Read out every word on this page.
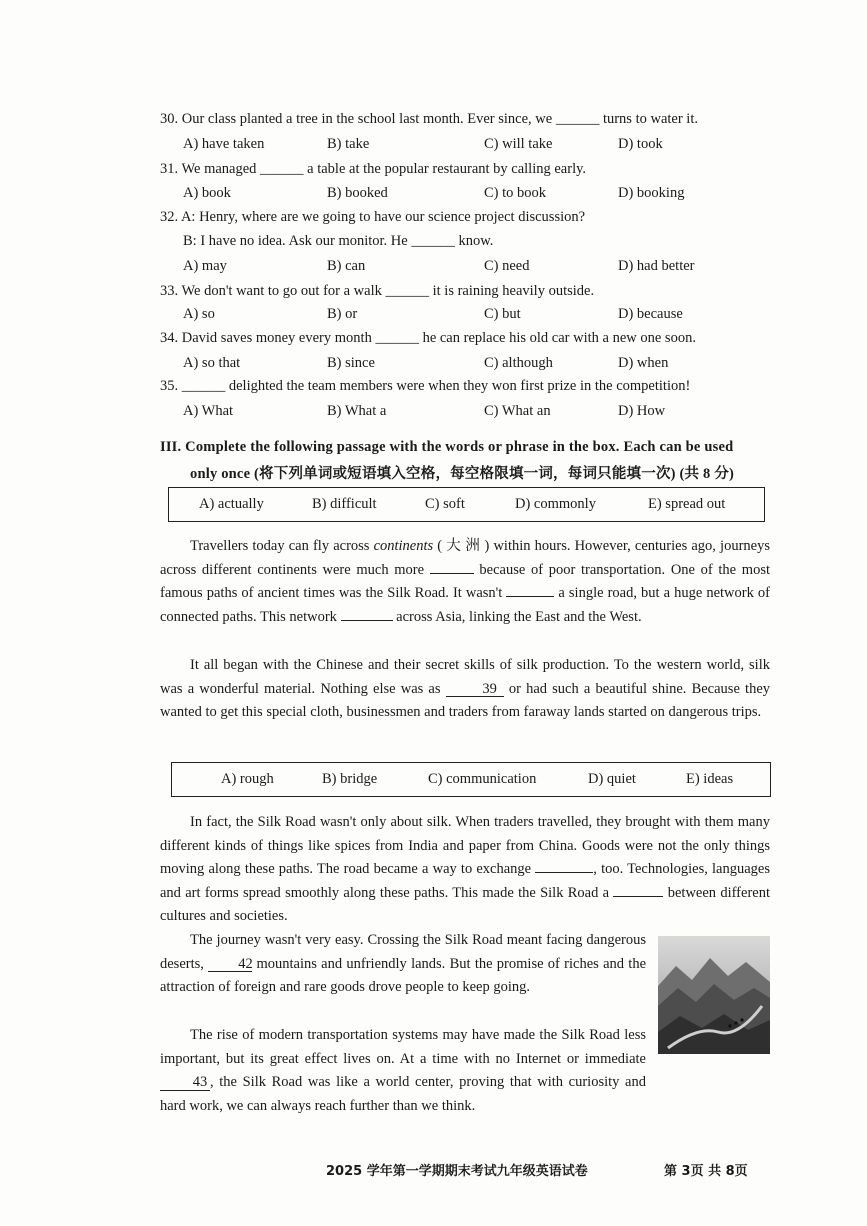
30. Our class planted a tree in the school last month. Ever since, we ______ turns to water it.
A) have taken	B) take	C) will take	D) took
31. We managed ______ a table at the popular restaurant by calling early.
A) book	B) booked	C) to book	D) booking
32. A: Henry, where are we going to have our science project discussion?
B: I have no idea. Ask our monitor. He ______ know.
A) may	B) can	C) need	D) had better
33. We don't want to go out for a walk ______ it is raining heavily outside.
A) so	B) or	C) but	D) because
34. David saves money every month ______ he can replace his old car with a new one soon.
A) so that	B) since	C) although	D) when
35. ______ delighted the team members were when they won first prize in the competition!
A) What	B) What a	C) What an	D) How
III. Complete the following passage with the words or phrase in the box. Each can be used
only once (将下列单词或短语填入空格，每空格限填一词，每词只能填一次) (共 8 分)
A) actually	B) difficult	C) soft	D) commonly	E) spread out

Travellers today can fly across continents ( 大 洲 ) within hours. However, centuries ago, journeys across different continents were much more	because of poor transportation. One of the most famous paths of ancient times was the Silk Road. It wasn't	a single road, but a huge network of connected paths. This network	across Asia, linking the East and the West.

It all began with the Chinese and their secret skills of silk production. To the western world, silk was a wonderful material. Nothing else was as	39 or had such a beautiful shine. Because they wanted to get this special cloth, businessmen and traders from faraway lands started on dangerous trips.

A) rough	B) bridge	C) communication	D) quiet	E) ideas

In fact, the Silk Road wasn't only about silk. When traders travelled, they brought with them many different kinds of things like spices from India and paper from China. Goods were not the only things moving along these paths. The road became a way to exchange	, too. Technologies, languages and art forms spread smoothly along these paths. This made the Silk Road a	between different cultures and societies.

The journey wasn't very easy. Crossing the Silk Road meant facing dangerous deserts, 42 mountains and unfriendly lands. But the promise of riches and the attraction of foreign and rare goods drove people to keep going.

The rise of modern transportation systems may have made the Silk Road less important, but its great effect lives on. At a time with no Internet or immediate 43 , the Silk Road was like a world center, proving that with curiosity and hard work, we can always reach further than we think.

2025 学年第一学期期末考试九年级英语试卷	第 3页 共 8页
